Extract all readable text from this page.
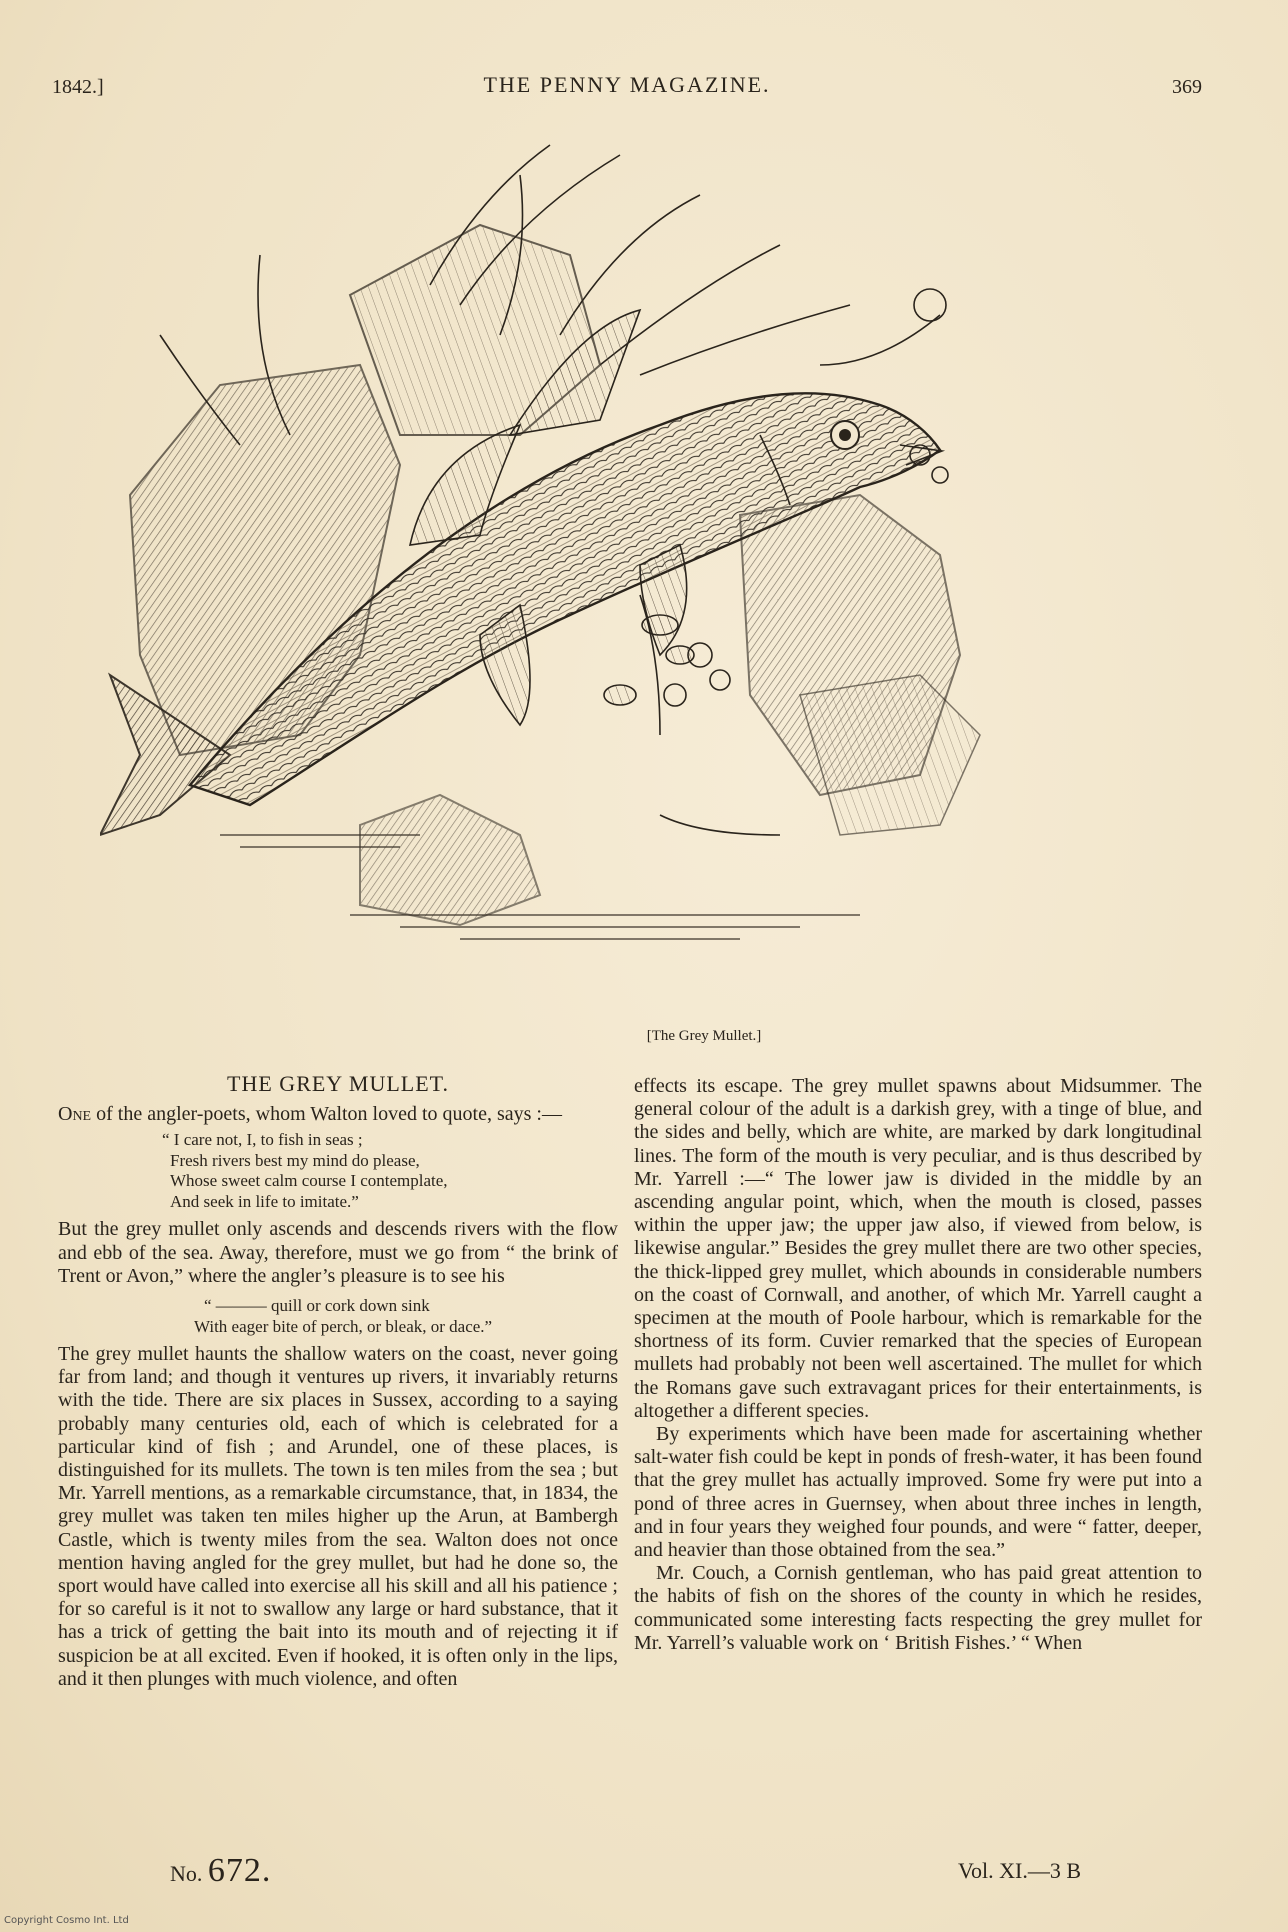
1842.]	THE PENNY MAGAZINE.	369
[The Grey Mullet.]
THE GREY MULLET.

One of the angler-poets, whom Walton loved to quote, says :—

“ I care not, I, to fish in seas ;
Fresh rivers best my mind do please,
Whose sweet calm course I contemplate,
And seek in life to imitate.”

But the grey mullet only ascends and descends rivers with the flow and ebb of the sea. Away, therefore, must we go from “ the brink of Trent or Avon,” where the angler’s pleasure is to see his

“ ——— quill or cork down sink
With eager bite of perch, or bleak, or dace.”

The grey mullet haunts the shallow waters on the coast, never going far from land; and though it ventures up rivers, it invariably returns with the tide. There are six places in Sussex, according to a saying probably many centuries old, each of which is celebrated for a particular kind of fish ; and Arundel, one of these places, is distinguished for its mullets. The town is ten miles from the sea ; but Mr. Yarrell mentions, as a remarkable circumstance, that, in 1834, the grey mullet was taken ten miles higher up the Arun, at Bambergh Castle, which is twenty miles from the sea. Walton does not once mention having angled for the grey mullet, but had he done so, the sport would have called into exercise all his skill and all his patience ; for so careful is it not to swallow any large or hard substance, that it has a trick of getting the bait into its mouth and of rejecting it if suspicion be at all excited. Even if hooked, it is often only in the lips, and it then plunges with much violence, and often

effects its escape. The grey mullet spawns about Midsummer. The general colour of the adult is a darkish grey, with a tinge of blue, and the sides and belly, which are white, are marked by dark longitudinal lines. The form of the mouth is very peculiar, and is thus described by Mr. Yarrell :—“ The lower jaw is divided in the middle by an ascending angular point, which, when the mouth is closed, passes within the upper jaw; the upper jaw also, if viewed from below, is likewise angular.” Besides the grey mullet there are two other species, the thick-lipped grey mullet, which abounds in considerable numbers on the coast of Cornwall, and another, of which Mr. Yarrell caught a specimen at the mouth of Poole harbour, which is remarkable for the shortness of its form. Cuvier remarked that the species of European mullets had probably not been well ascertained. The mullet for which the Romans gave such extravagant prices for their entertainments, is altogether a different species.

By experiments which have been made for ascertaining whether salt-water fish could be kept in ponds of fresh-water, it has been found that the grey mullet has actually improved. Some fry were put into a pond of three acres in Guernsey, when about three inches in length, and in four years they weighed four pounds, and were “ fatter, deeper, and heavier than those obtained from the sea.”

Mr. Couch, a Cornish gentleman, who has paid great attention to the habits of fish on the shores of the county in which he resides, communicated some interesting facts respecting the grey mullet for Mr. Yarrell’s valuable work on ‘ British Fishes.’ “ When

No. 672.	Vol. XI.—3 B
Copyright Cosmo Int. Ltd
